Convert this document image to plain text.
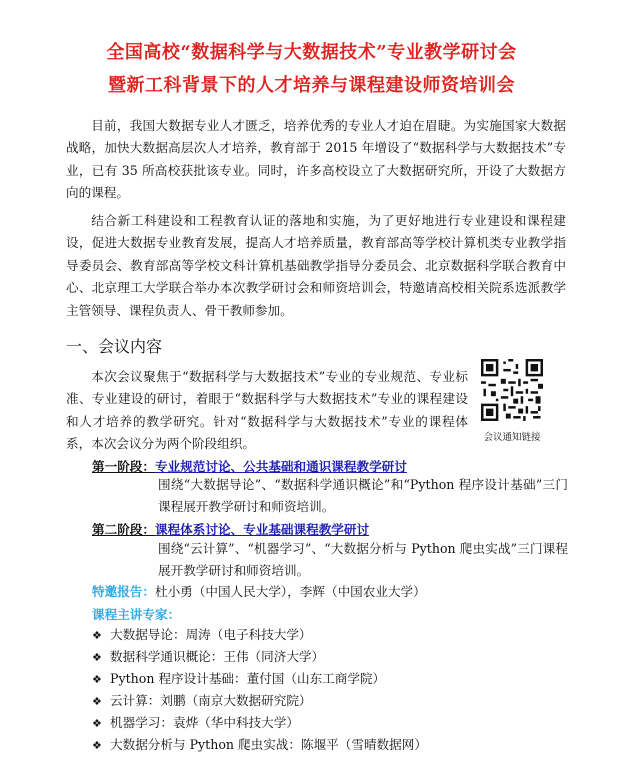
全国高校“数据科学与大数据技术”专业教学研讨会
暨新工科背景下的人才培养与课程建设师资培训会

目前，我国大数据专业人才匮乏，培养优秀的专业人才迫在眉睫。为实施国家大数据战略，加快大数据高层次人才培养，教育部于 2015 年增设了“数据科学与大数据技术”专业，已有 35 所高校获批该专业。同时，许多高校设立了大数据研究所，开设了大数据方向的课程。

结合新工科建设和工程教育认证的落地和实施，为了更好地进行专业建设和课程建设，促进大数据专业教育发展，提高人才培养质量，教育部高等学校计算机类专业教学指导委员会、教育部高等学校文科计算机基础教学指导分委员会、北京数据科学联合教育中心、北京理工大学联合举办本次教学研讨会和师资培训会，特邀请高校相关院系选派教学主管领导、课程负责人、骨干教师参加。

一、会议内容

本次会议聚焦于“数据科学与大数据技术”专业的专业规范、专业标准、专业建设的研讨，着眼于“数据科学与大数据技术”专业的课程建设和人才培养的教学研究。针对“数据科学与大数据技术”专业的课程体系，本次会议分为两个阶段组织。	会议通知链接
第一阶段：专业规范讨论、公共基础和通识课程教学研讨

围绕“大数据导论”、“数据科学通识概论”和“Python 程序设计基础”三门课程展开教学研讨和师资培训。

第二阶段：课程体系讨论、专业基础课程教学研讨

围绕“云计算”、“机器学习”、“大数据分析与 Python 爬虫实战”三门课程展开教学研讨和师资培训。

特邀报告：杜小勇（中国人民大学），李辉（中国农业大学）
课程主讲专家：
❖ 大数据导论：周涛（电子科技大学）
❖ 数据科学通识概论：王伟（同济大学）
❖ Python 程序设计基础：董付国（山东工商学院）
❖ 云计算：刘鹏（南京大数据研究院）
❖ 机器学习：袁烨（华中科技大学）
❖ 大数据分析与 Python 爬虫实战：陈堰平（雪晴数据网）
